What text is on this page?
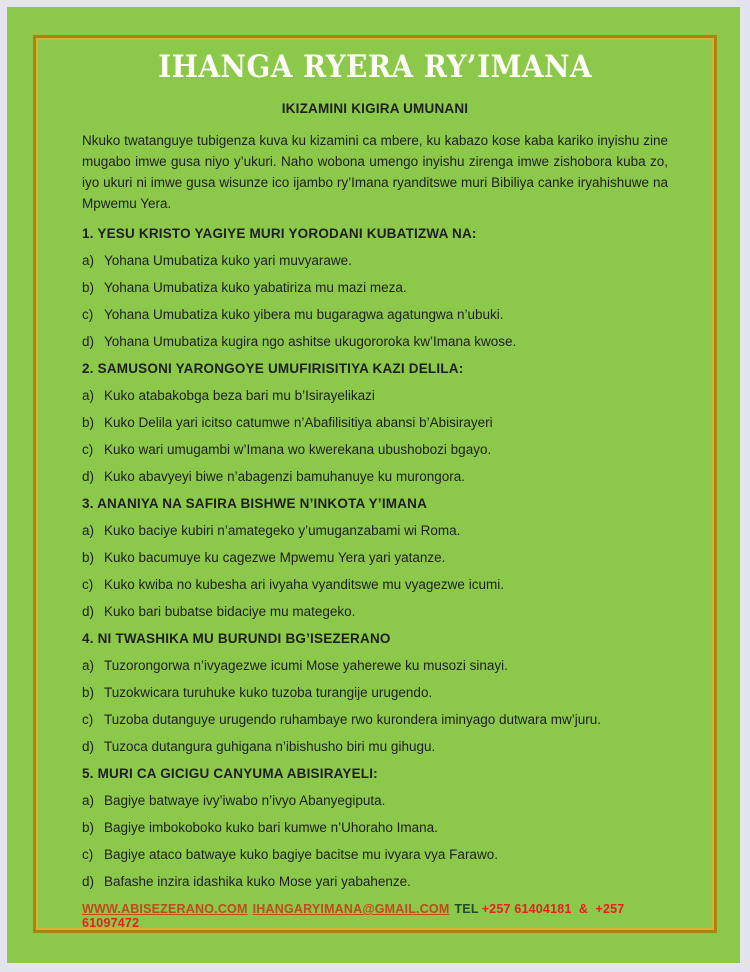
IHANGA RYERA RY’IMANA
IKIZAMINI KIGIRA UMUNANI

Nkuko twatanguye tubigenza kuva ku kizamini ca mbere, ku kabazo kose kaba kariko inyishu zine mugabo imwe gusa niyo y’ukuri. Naho wobona umengo inyishu zirenga imwe zishobora kuba zo, iyo ukuri ni imwe gusa wisunze ico ijambo ry’Imana ryanditswe muri Bibiliya canke iryahishuwe na Mpwemu Yera.

1. YESU KRISTO YAGIYE MURI YORODANI KUBATIZWA NA:
a) Yohana Umubatiza kuko yari muvyarawe.
b) Yohana Umubatiza kuko yabatiriza mu mazi meza.
c) Yohana Umubatiza kuko yibera mu bugaragwa agatungwa n’ubuki.
d) Yohana Umubatiza kugira ngo ashitse ukugororoka kw’Imana kwose.
2. SAMUSONI YARONGOYE UMUFIRISITIYA KAZI DELILA:
a) Kuko atabakobga beza bari mu b’Isirayelikazi
b) Kuko Delila yari icitso catumwe n’Abafilisitiya abansi b’Abisirayeri
c) Kuko wari umugambi w’Imana wo kwerekana ubushobozi bgayo.
d) Kuko abavyeyi biwe n’abagenzi bamuhanuye ku murongora.
3. ANANIYA NA SAFIRA BISHWE N’INKOTA Y’IMANA
a) Kuko baciye kubiri n’amategeko y’umuganzabami wi Roma.
b) Kuko bacumuye ku cagezwe Mpwemu Yera yari yatanze.
c) Kuko kwiba no kubesha ari ivyaha vyanditswe mu vyagezwe icumi.
d) Kuko bari bubatse bidaciye mu mategeko.
4. NI TWASHIKA MU BURUNDI BG’ISEZERANO
a) Tuzorongorwa n’ivyagezwe icumi Mose yaherewe ku musozi sinayi.
b) Tuzokwicara turuhuke kuko tuzoba turangije urugendo.
c) Tuzoba dutanguye urugendo ruhambaye rwo kurondera iminyago dutwara mw’juru.
d) Tuzoca dutangura guhigana n’ibishusho biri mu gihugu.
5. MURI CA GICIGU CANYUMA ABISIRAYELI:
a) Bagiye batwaye ivy’iwabo n’ivyo Abanyegiputa.
b) Bagiye imbokoboko kuko bari kumwe n’Uhoraho Imana.
c) Bagiye ataco batwaye kuko bagiye bacitse mu ivyara vya Farawo.
d) Bafashe inzira idashika kuko Mose yari yabahenze.
WWW.ABISEZERANO.COM IHANGARYIMANA@GMAIL.COM TEL +257 61404181  &  +257 61097472
